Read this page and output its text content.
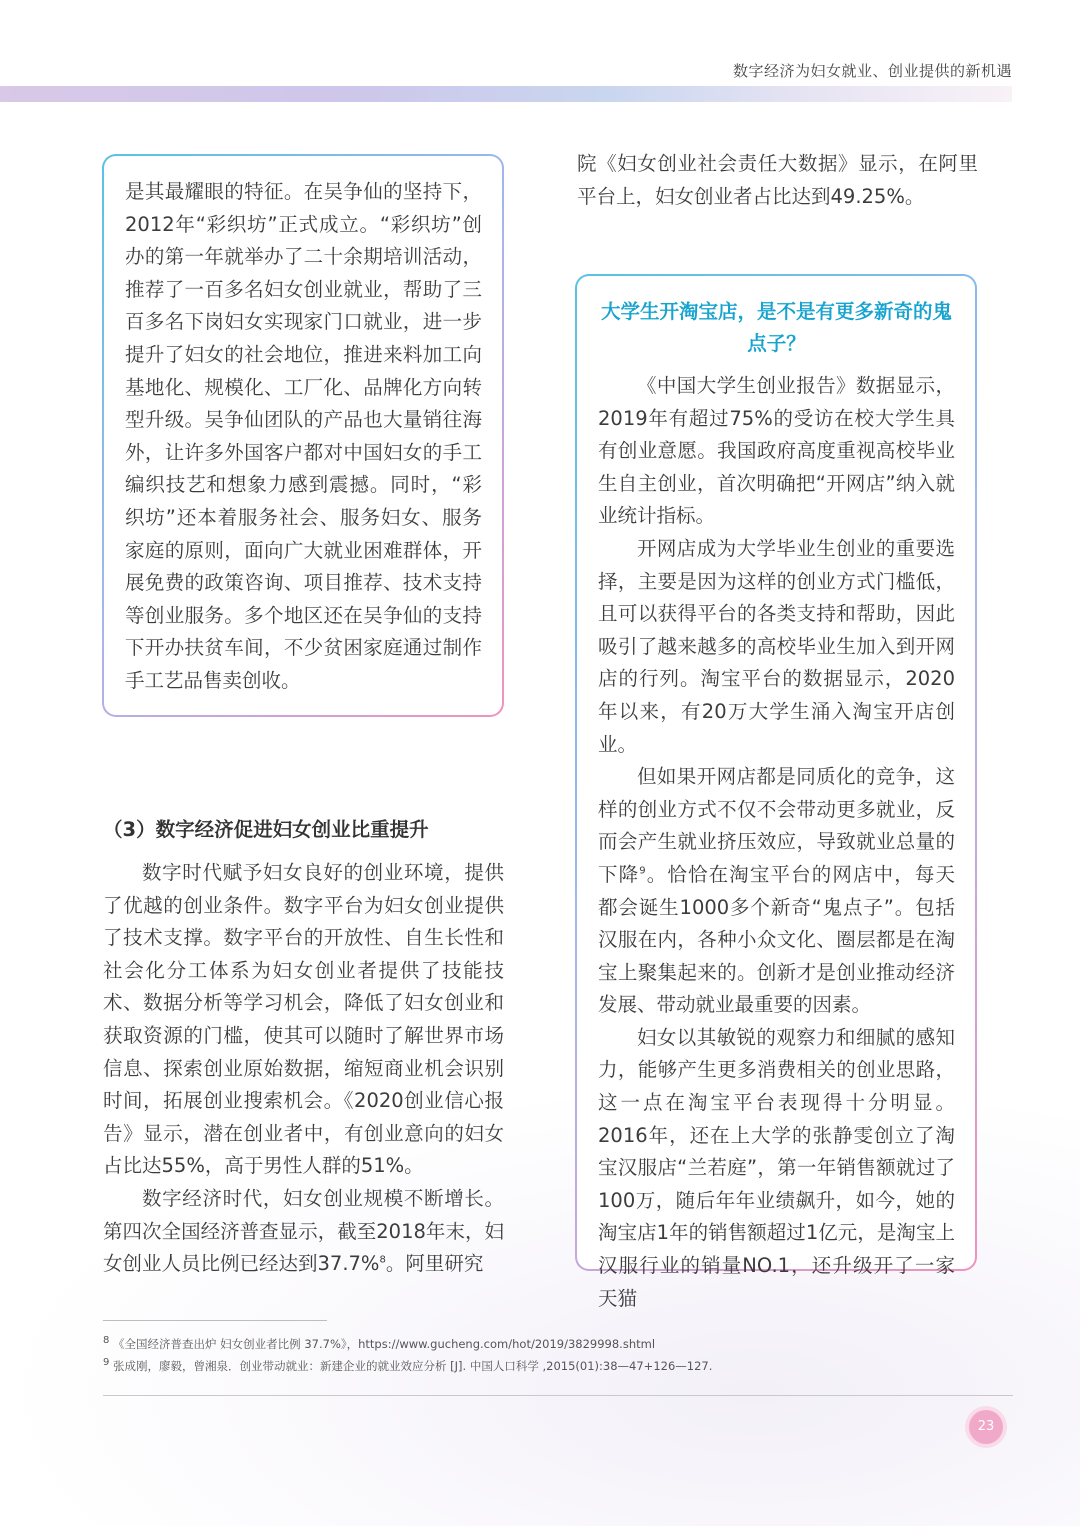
数字经济为妇女就业、创业提供的新机遇

是其最耀眼的特征。在吴争仙的坚持下，2012年“彩织坊”正式成立。“彩织坊”创办的第一年就举办了二十余期培训活动，推荐了一百多名妇女创业就业，帮助了三百多名下岗妇女实现家门口就业，进一步提升了妇女的社会地位，推进来料加工向基地化、规模化、工厂化、品牌化方向转型升级。吴争仙团队的产品也大量销往海外，让许多外国客户都对中国妇女的手工编织技艺和想象力感到震撼。同时，“彩织坊”还本着服务社会、服务妇女、服务家庭的原则，面向广大就业困难群体，开展免费的政策咨询、项目推荐、技术支持等创业服务。多个地区还在吴争仙的支持下开办扶贫车间，不少贫困家庭通过制作手工艺品售卖创收。

（3）数字经济促进妇女创业比重提升

数字时代赋予妇女良好的创业环境，提供了优越的创业条件。数字平台为妇女创业提供了技术支撑。数字平台的开放性、自生长性和社会化分工体系为妇女创业者提供了技能技术、数据分析等学习机会，降低了妇女创业和获取资源的门槛，使其可以随时了解世界市场信息、探索创业原始数据，缩短商业机会识别时间，拓展创业搜索机会。《2020创业信心报告》显示，潜在创业者中，有创业意向的妇女占比达55%，高于男性人群的51%。

数字经济时代，妇女创业规模不断增长。第四次全国经济普查显示，截至2018年末，妇女创业人员比例已经达到37.7%$^8$。阿里研究

院《妇女创业社会责任大数据》显示，在阿里平台上，妇女创业者占比达到49.25%。

大学生开淘宝店，是不是有更多新奇的鬼点子？

《中国大学生创业报告》数据显示，2019年有超过75%的受访在校大学生具有创业意愿。我国政府高度重视高校毕业生自主创业，首次明确把“开网店”纳入就业统计指标。

开网店成为大学毕业生创业的重要选择，主要是因为这样的创业方式门槛低，且可以获得平台的各类支持和帮助，因此吸引了越来越多的高校毕业生加入到开网店的行列。淘宝平台的数据显示，2020年以来，有20万大学生涌入淘宝开店创业。

但如果开网店都是同质化的竞争，这样的创业方式不仅不会带动更多就业，反而会产生就业挤压效应，导致就业总量的下降$^9$。恰恰在淘宝平台的网店中，每天都会诞生1000多个新奇“鬼点子”。包括汉服在内，各种小众文化、圈层都是在淘宝上聚集起来的。创新才是创业推动经济发展、带动就业最重要的因素。

妇女以其敏锐的观察力和细腻的感知力，能够产生更多消费相关的创业思路，这一点在淘宝平台表现得十分明显。2016年，还在上大学的张静雯创立了淘宝汉服店“兰若庭”，第一年销售额就过了100万，随后年年业绩飙升，如今，她的淘宝店1年的销售额超过1亿元，是淘宝上汉服行业的销量NO.1，还升级开了一家天猫

$^8$ 《全国经济普查出炉 妇女创业者比例 37.7%》，https://www.gucheng.com/hot/2019/3829998.shtml
$^9$ 张成刚，廖毅，曾湘泉．创业带动就业：新建企业的就业效应分析 [J]. 中国人口科学 ,2015(01):38—47+126—127.
23
